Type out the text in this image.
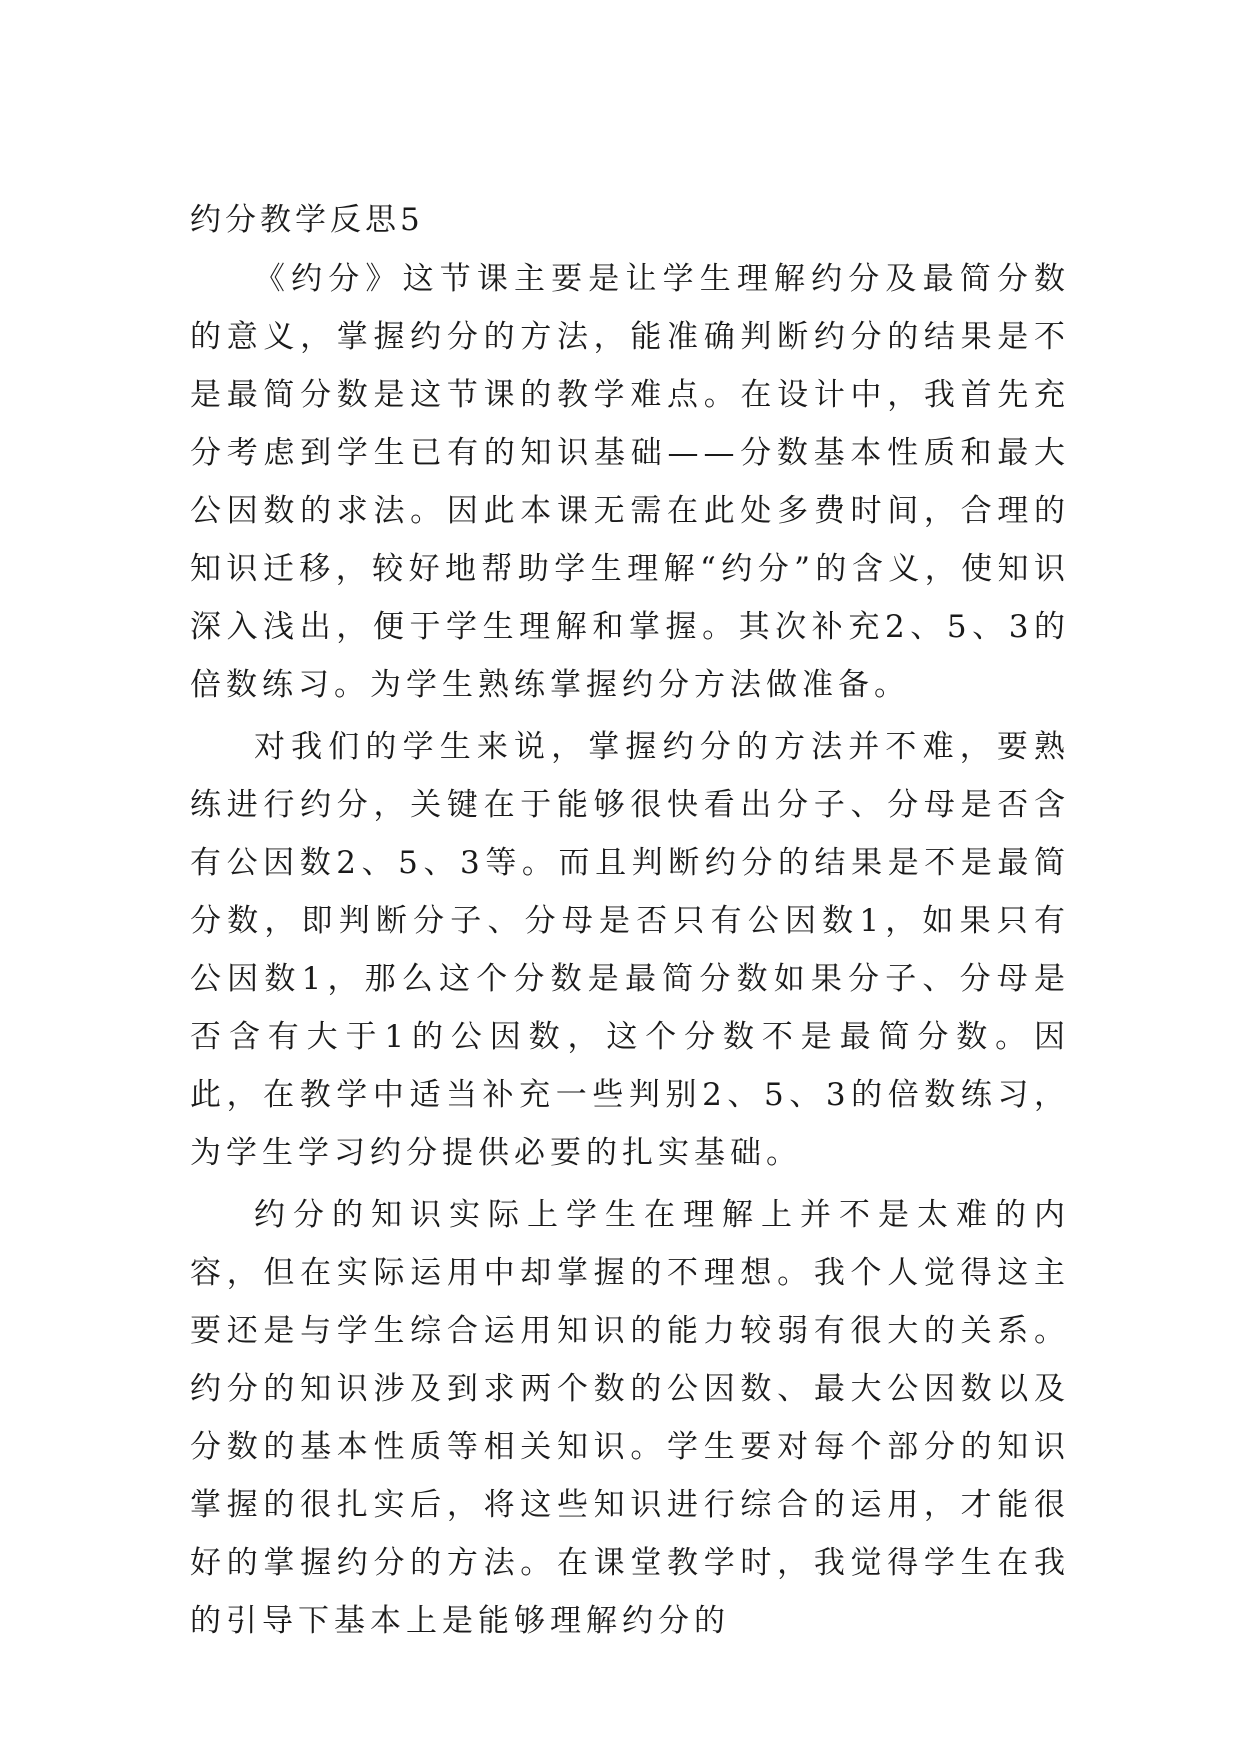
约分教学反思5

《约分》这节课主要是让学生理解约分及最简分数的意义，掌握约分的方法，能准确判断约分的结果是不是最简分数是这节课的教学难点。在设计中，我首先充分考虑到学生已有的知识基础——分数基本性质和最大公因数的求法。因此本课无需在此处多费时间，合理的知识迁移，较好地帮助学生理解“约分”的含义，使知识深入浅出，便于学生理解和掌握。其次补充2、5、3的倍数练习。为学生熟练掌握约分方法做准备。

对我们的学生来说，掌握约分的方法并不难，要熟练进行约分，关键在于能够很快看出分子、分母是否含有公因数2、5、3等。而且判断约分的结果是不是最简分数，即判断分子、分母是否只有公因数1，如果只有公因数1，那么这个分数是最简分数如果分子、分母是否含有大于1的公因数，这个分数不是最简分数。因此，在教学中适当补充一些判别2、5、3的倍数练习，为学生学习约分提供必要的扎实基础。

约分的知识实际上学生在理解上并不是太难的内容，但在实际运用中却掌握的不理想。我个人觉得这主要还是与学生综合运用知识的能力较弱有很大的关系。约分的知识涉及到求两个数的公因数、最大公因数以及分数的基本性质等相关知识。学生要对每个部分的知识掌握的很扎实后，将这些知识进行综合的运用，才能很好的掌握约分的方法。在课堂教学时，我觉得学生在我的引导下基本上是能够理解约分的
